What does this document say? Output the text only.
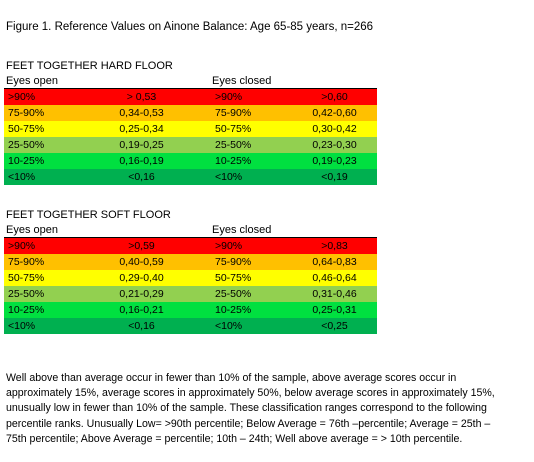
Figure 1. Reference Values on Ainone Balance: Age 65-85 years, n=266
FEET TOGETHER HARD FLOOR
Eyes open	Eyes closed
>90%	> 0,53	>90%	>0,60
75-90%	0,34-0,53	75-90%	0,42-0,60
50-75%	0,25-0,34	50-75%	0,30-0,42
25-50%	0,19-0,25	25-50%	0,23-0,30
10-25%	0,16-0,19	10-25%	0,19-0,23
<10%	<0,16	<10%	<0,19
FEET TOGETHER SOFT FLOOR
Eyes open	Eyes closed
>90%	>0,59	>90%	>0,83
75-90%	0,40-0,59	75-90%	0,64-0,83
50-75%	0,29-0,40	50-75%	0,46-0,64
25-50%	0,21-0,29	25-50%	0,31-0,46
10-25%	0,16-0,21	10-25%	0,25-0,31
<10%	<0,16	<10%	<0,25
Well above than average occur in fewer than 10% of the sample, above average scores occur in
approximately 15%, average scores in approximately 50%, below average scores in approximately 15%,
unusually low in fewer than 10% of the sample. These classification ranges correspond to the following
percentile ranks. Unusually Low= >90th percentile; Below Average = 76th –percentile; Average = 25th –
75th percentile; Above Average = percentile; 10th – 24th; Well above average = > 10th percentile.
